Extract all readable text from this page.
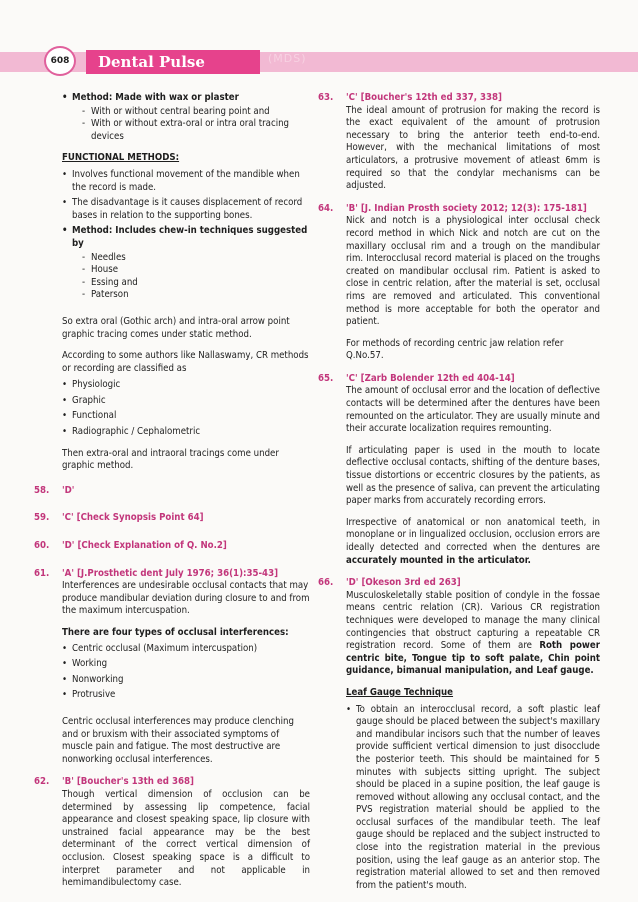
608	Dental Pulse	(MDS)
• Method: Made with wax or plaster
- With or without central bearing point and
- With or without extra-oral or intra oral tracing devices
FUNCTIONAL METHODS:
• Involves functional movement of the mandible when the record is made.
• The disadvantage is it causes displacement of record bases in relation to the supporting bones.
• Method: Includes chew-in techniques suggested by
- Needles
- House
- Essing and
- Paterson

So extra oral (Gothic arch) and intra-oral arrow point graphic tracing comes under static method.

According to some authors like Nallaswamy, CR methods or recording are classified as

• Physiologic
• Graphic
• Functional
• Radiographic / Cephalometric

Then extra-oral and intraoral tracings come under graphic method.

58. 'D'
59. 'C' [Check Synopsis Point 64]
60. 'D' [Check Explanation of Q. No.2]
61. 'A' [J.Prosthetic dent July 1976; 36(1):35-43]

Interferences are undesirable occlusal contacts that may produce mandibular deviation during closure to and from the maximum intercuspation.

There are four types of occlusal interferences:
• Centric occlusal (Maximum intercuspation)
• Working
• Nonworking
• Protrusive

Centric occlusal interferences may produce clenching and or bruxism with their associated symptoms of muscle pain and fatigue. The most destructive are nonworking occlusal interferences.

62. 'B' [Boucher's 13th ed 368]

Though vertical dimension of occlusion can be determined by assessing lip competence, facial appearance and closest speaking space, lip closure with unstrained facial appearance may be the best determinant of the correct vertical dimension of occlusion. Closest speaking space is a difficult to interpret parameter and not applicable in hemimandibulectomy case.

63. 'C' [Boucher's 12th ed 337, 338]

The ideal amount of protrusion for making the record is the exact equivalent of the amount of protrusion necessary to bring the anterior teeth end-to-end. However, with the mechanical limitations of most articulators, a protrusive movement of atleast 6mm is required so that the condylar mechanisms can be adjusted.

64. 'B' [J. Indian Prosth society 2012; 12(3): 175-181]

Nick and notch is a physiological inter occlusal check record method in which Nick and notch are cut on the maxillary occlusal rim and a trough on the mandibular rim. Interocclusal record material is placed on the troughs created on mandibular occlusal rim. Patient is asked to close in centric relation, after the material is set, occlusal rims are removed and articulated. This conventional method is more acceptable for both the operator and patient.

For methods of recording centric jaw relation refer Q.No.57.

65. 'C' [Zarb Bolender 12th ed 404-14]

The amount of occlusal error and the location of deflective contacts will be determined after the dentures have been remounted on the articulator. They are usually minute and their accurate localization requires remounting.

If articulating paper is used in the mouth to locate deflective occlusal contacts, shifting of the denture bases, tissue distortions or eccentric closures by the patients, as well as the presence of saliva, can prevent the articulating paper marks from accurately recording errors.

Irrespective of anatomical or non anatomical teeth, in monoplane or in lingualized occlusion, occlusion errors are ideally detected and corrected when the dentures are accurately mounted in the articulator.

66. 'D' [Okeson 3rd ed 263]

Musculoskeletally stable position of condyle in the fossae means centric relation (CR). Various CR registration techniques were developed to manage the many clinical contingencies that obstruct capturing a repeatable CR registration record. Some of them are Roth power centric bite, Tongue tip to soft palate, Chin point guidance, bimanual manipulation, and Leaf gauge.

Leaf Gauge Technique
• To obtain an interocclusal record, a soft plastic leaf gauge should be placed between the subject's maxillary and mandibular incisors such that the number of leaves provide sufficient vertical dimension to just disocclude the posterior teeth. This should be maintained for 5 minutes with subjects sitting upright. The subject should be placed in a supine position, the leaf gauge is removed without allowing any occlusal contact, and the PVS registration material should be applied to the occlusal surfaces of the mandibular teeth. The leaf gauge should be replaced and the subject instructed to close into the registration material in the previous position, using the leaf gauge as an anterior stop. The registration material allowed to set and then removed from the patient's mouth.
